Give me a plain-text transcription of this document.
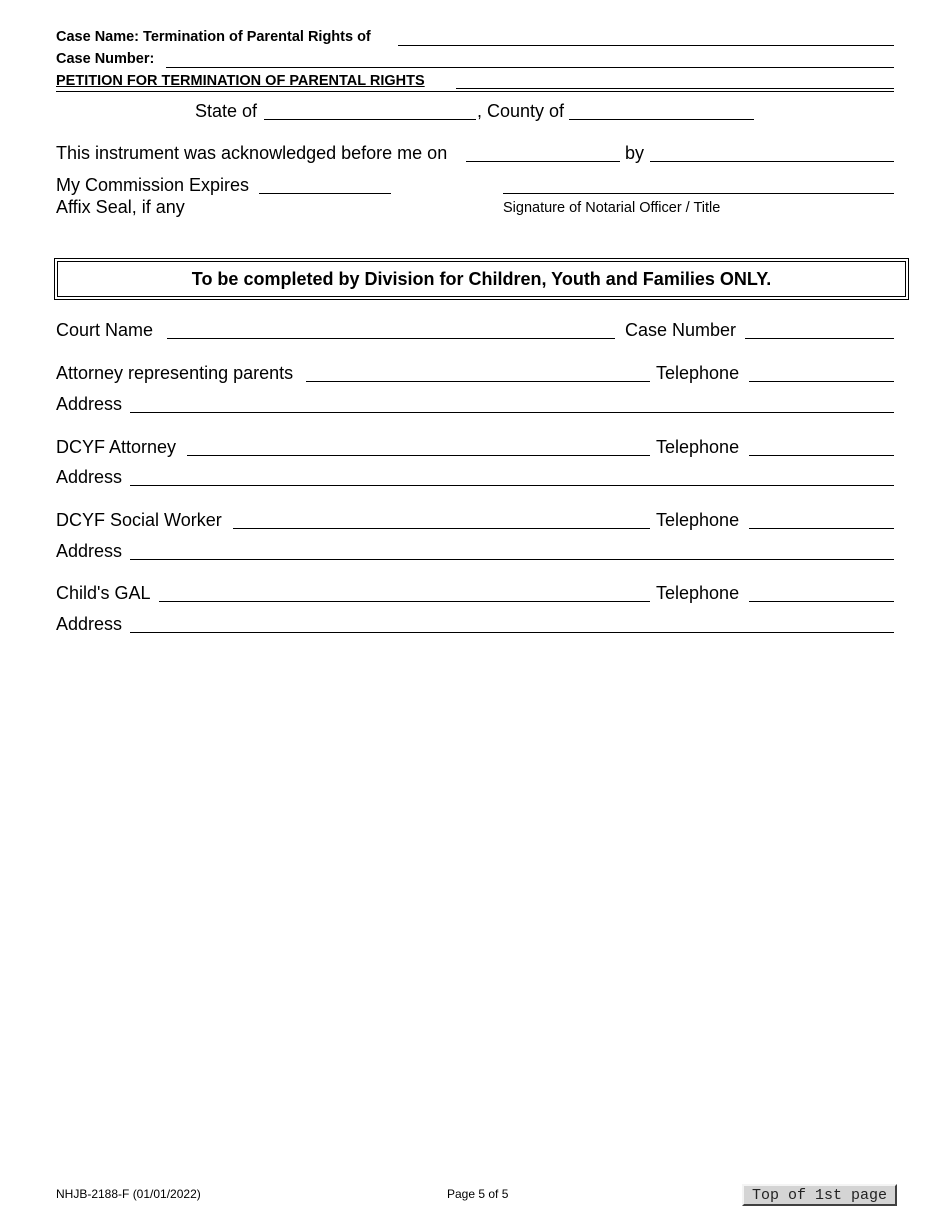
Case Name: Termination of Parental Rights of
Case Number:
PETITION FOR TERMINATION OF PARENTAL RIGHTS
State of	, County of
This instrument was acknowledged before me on	by
My Commission Expires
Affix Seal, if any	Signature of Notarial Officer / Title
To be completed by Division for Children, Youth and Families ONLY.
Court Name	Case Number
Attorney representing parents	Telephone
Address
DCYF Attorney	Telephone
Address
DCYF Social Worker	Telephone
Address
Child's GAL	Telephone
Address
NHJB-2188-F (01/01/2022)	Page 5 of 5	Top of 1st page
